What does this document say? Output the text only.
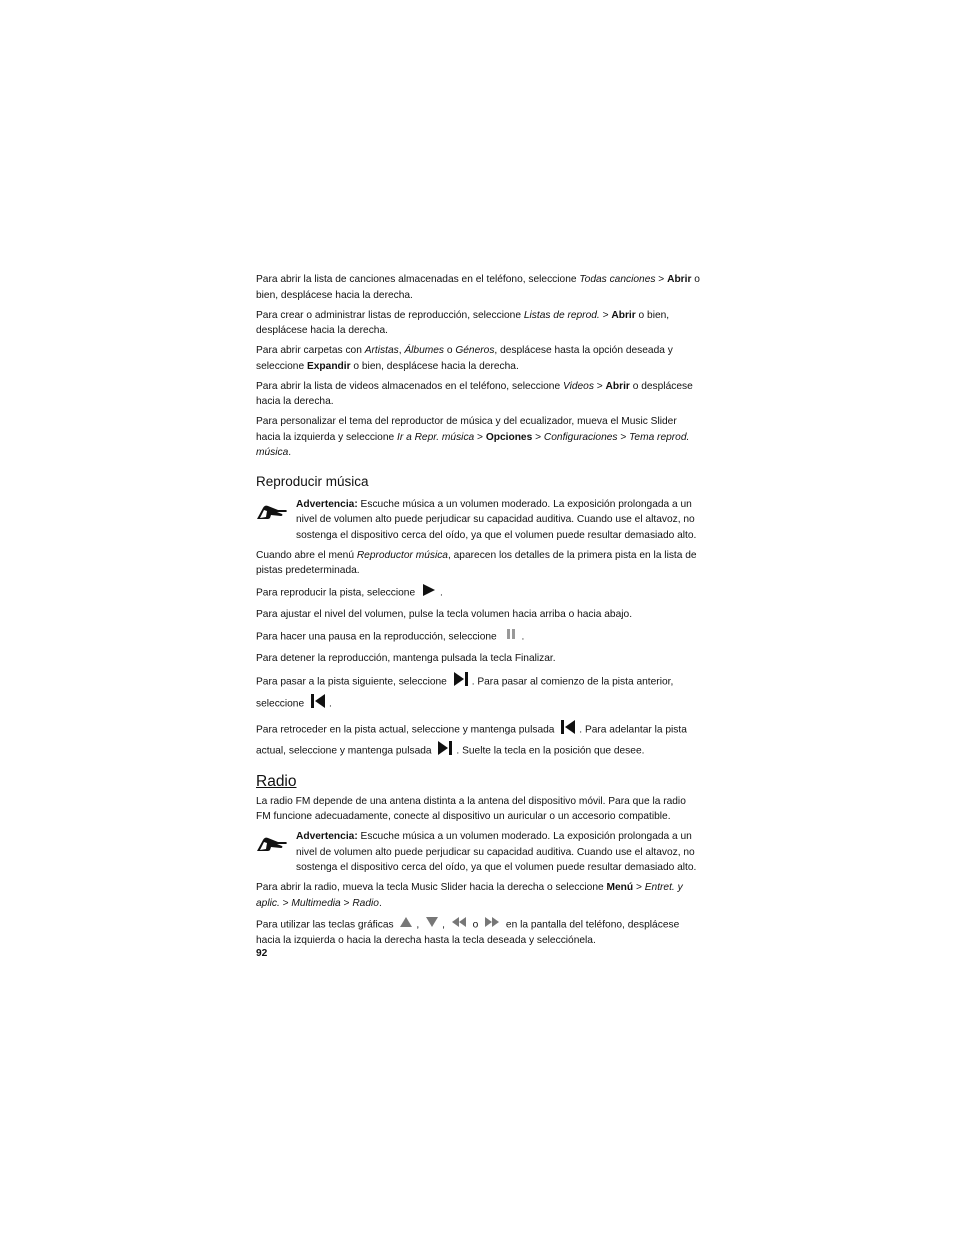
Para abrir la lista de canciones almacenadas en el teléfono, seleccione Todas canciones > Abrir o bien, desplácese hacia la derecha.

Para crear o administrar listas de reproducción, seleccione Listas de reprod. > Abrir o bien, desplácese hacia la derecha.

Para abrir carpetas con Artistas, Álbumes o Géneros, desplácese hasta la opción deseada y seleccione Expandir o bien, desplácese hacia la derecha.

Para abrir la lista de videos almacenados en el teléfono, seleccione Videos > Abrir o desplácese hacia la derecha.

Para personalizar el tema del reproductor de música y del ecualizador, mueva el Music Slider hacia la izquierda y seleccione Ir a Repr. música > Opciones > Configuraciones > Tema reprod. música.

Reproducir música
Advertencia: Escuche música a un volumen moderado. La exposición prolongada a un nivel de volumen alto puede perjudicar su capacidad auditiva. Cuando use el altavoz, no sostenga el dispositivo cerca del oído, ya que el volumen puede resultar demasiado alto.

Cuando abre el menú Reproductor música, aparecen los detalles de la primera pista en la lista de pistas predeterminada.

Para reproducir la pista, seleccione .

Para ajustar el nivel del volumen, pulse la tecla volumen hacia arriba o hacia abajo.

Para hacer una pausa en la reproducción, seleccione .

Para detener la reproducción, mantenga pulsada la tecla Finalizar.

Para pasar a la pista siguiente, seleccione . Para pasar al comienzo de la pista anterior, seleccione .

Para retroceder en la pista actual, seleccione y mantenga pulsada . Para adelantar la pista actual, seleccione y mantenga pulsada . Suelte la tecla en la posición que desee.

Radio

La radio FM depende de una antena distinta a la antena del dispositivo móvil. Para que la radio FM funcione adecuadamente, conecte al dispositivo un auricular o un accesorio compatible.

Advertencia: Escuche música a un volumen moderado. La exposición prolongada a un nivel de volumen alto puede perjudicar su capacidad auditiva. Cuando use el altavoz, no sostenga el dispositivo cerca del oído, ya que el volumen puede resultar demasiado alto.

Para abrir la radio, mueva la tecla Music Slider hacia la derecha o seleccione Menú > Entret. y aplic. > Multimedia > Radio.

Para utilizar las teclas gráficas , ,  o  en la pantalla del teléfono, desplácese hacia la izquierda o hacia la derecha hasta la tecla deseada y selecciónela.

92
